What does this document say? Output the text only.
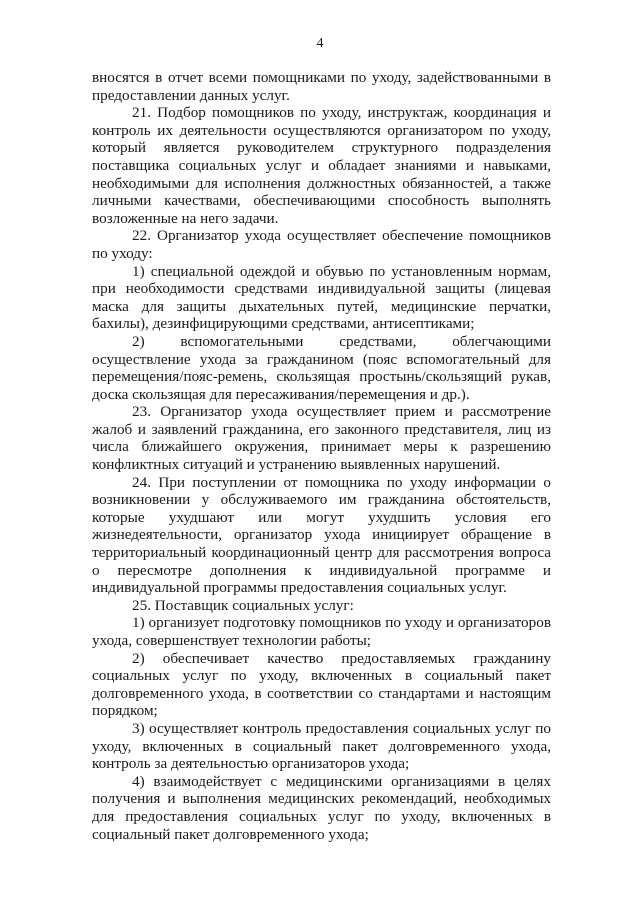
4

вносятся в отчет всеми помощниками по уходу, задействованными в предоставлении данных услуг.

21. Подбор помощников по уходу, инструктаж, координация и контроль их деятельности осуществляются организатором по уходу, который является руководителем структурного подразделения поставщика социальных услуг и обладает знаниями и навыками, необходимыми для исполнения должностных обязанностей, а также личными качествами, обеспечивающими способность выполнять возложенные на него задачи.

22. Организатор ухода осуществляет обеспечение помощников по уходу:

1) специальной одеждой и обувью по установленным нормам, при необходимости средствами индивидуальной защиты (лицевая маска для защиты дыхательных путей, медицинские перчатки, бахилы), дезинфицирующими средствами, антисептиками;

2) вспомогательными средствами, облегчающими осуществление ухода за гражданином (пояс вспомогательный для перемещения/пояс-ремень, скользящая простынь/скользящий рукав, доска скользящая для пересаживания/перемещения и др.).

23. Организатор ухода осуществляет прием и рассмотрение жалоб и заявлений гражданина, его законного представителя, лиц из числа ближайшего окружения, принимает меры к разрешению конфликтных ситуаций и устранению выявленных нарушений.

24. При поступлении от помощника по уходу информации о возникновении у обслуживаемого им гражданина обстоятельств, которые ухудшают или могут ухудшить условия его жизнедеятельности, организатор ухода инициирует обращение в территориальный координационный центр для рассмотрения вопроса о пересмотре дополнения к индивидуальной программе и индивидуальной программы предоставления социальных услуг.

25. Поставщик социальных услуг:

1) организует подготовку помощников по уходу и организаторов ухода, совершенствует технологии работы;

2) обеспечивает качество предоставляемых гражданину социальных услуг по уходу, включенных в социальный пакет долговременного ухода, в соответствии со стандартами и настоящим порядком;

3) осуществляет контроль предоставления социальных услуг по уходу, включенных в социальный пакет долговременного ухода, контроль за деятельностью организаторов ухода;

4) взаимодействует с медицинскими организациями в целях получения и выполнения медицинских рекомендаций, необходимых для предоставления социальных услуг по уходу, включенных в социальный пакет долговременного ухода;
